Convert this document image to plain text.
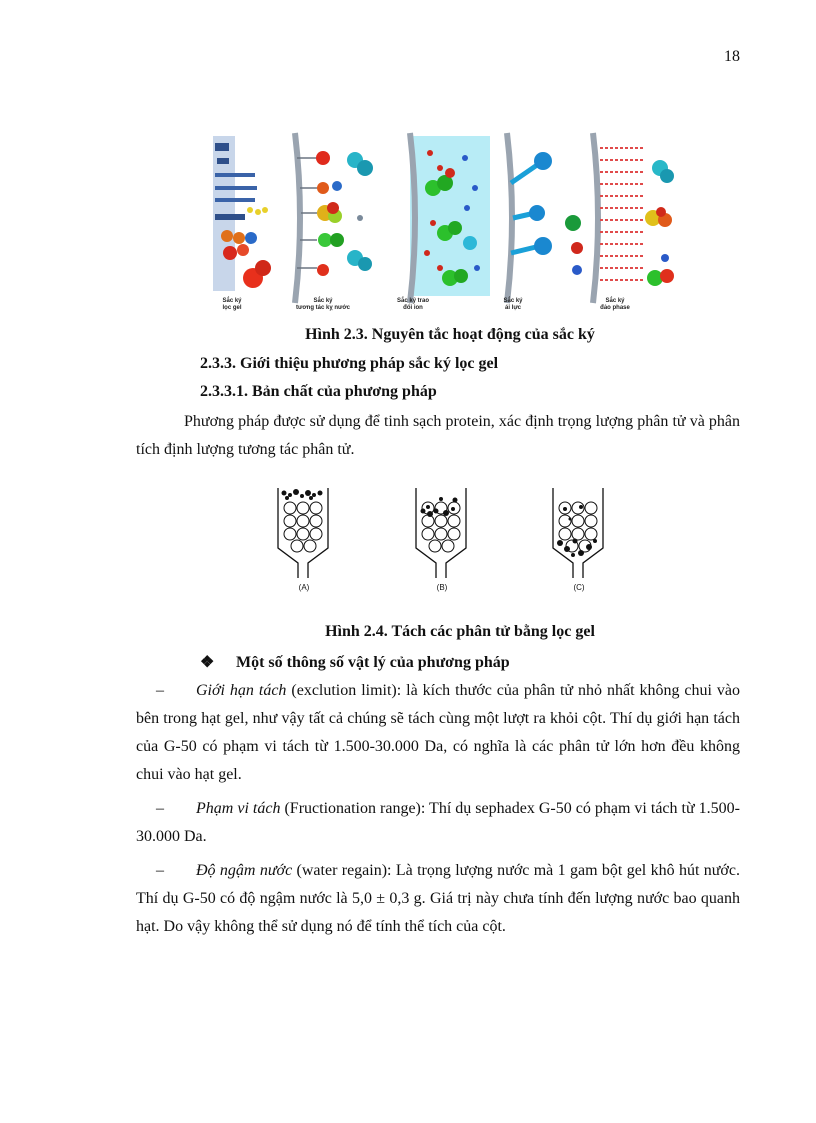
18
Sắc ký
lọc gel
Sắc ký
tương tác kỵ nước
Sắc ký trao
đổi ion
Sắc ký
ái lực
Sắc ký
đảo phase
Hình 2.3. Nguyên tắc hoạt động của sắc ký
2.3.3. Giới thiệu phương pháp sắc ký lọc gel
2.3.3.1. Bản chất của phương pháp

Phương pháp được sử dụng để tinh sạch protein, xác định trọng lượng phân tử và phân tích định lượng tương tác phân tử.

(A)	(B)	(C)
Hình 2.4. Tách các phân tử bằng lọc gel
❖ Một số thông số vật lý của phương pháp

– Giới hạn tách (exclution limit): là kích thước của phân tử nhỏ nhất không chui vào bên trong hạt gel, như vậy tất cả chúng sẽ tách cùng một lượt ra khỏi cột. Thí dụ giới hạn tách của G-50 có phạm vi tách từ 1.500-30.000 Da, có nghĩa là các phân tử lớn hơn đều không chui vào hạt gel.

– Phạm vi tách (Fructionation range): Thí dụ sephadex G-50 có phạm vi tách từ 1.500-30.000 Da.

– Độ ngậm nước (water regain): Là trọng lượng nước mà 1 gam bột gel khô hút nước. Thí dụ G-50 có độ ngậm nước là 5,0 ± 0,3 g. Giá trị này chưa tính đến lượng nước bao quanh hạt. Do vậy không thể sử dụng nó để tính thể tích của cột.
